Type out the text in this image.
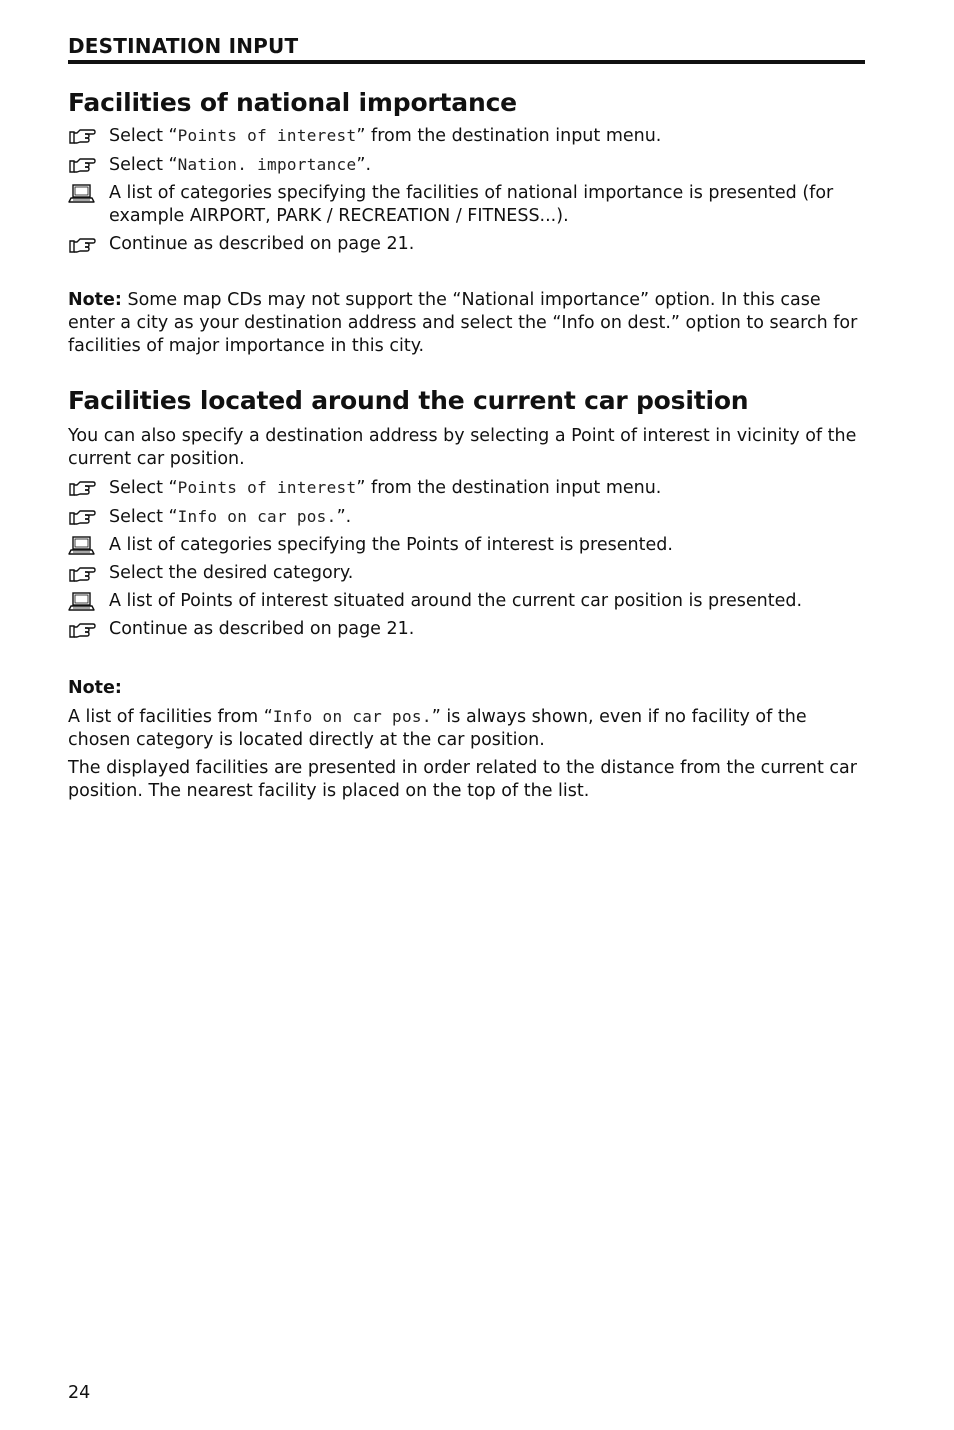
DESTINATION INPUT
Facilities of national importance
Select “Points of interest” from the destination input menu.
Select “Nation. importance”.
A list of categories specifying the facilities of national importance is presented (for example AIRPORT, PARK / RECREATION / FITNESS...).
Continue as described on page 21.

Note: Some map CDs may not support the “National importance” option. In this case enter a city as your destination address and select the “Info on dest.” option to search for facilities of major importance in this city.

Facilities located around the current car position

You can also specify a destination address by selecting a Point of interest in vicinity of the current car position.

Select “Points of interest” from the destination input menu.
Select “Info on car pos.”.
A list of categories specifying the Points of interest is presented.
Select the desired category.
A list of Points of interest situated around the current car position is presented.
Continue as described on page 21.
Note:

A list of facilities from “Info on car pos.” is always shown, even if no facility of the chosen category is located directly at the car position.

The displayed facilities are presented in order related to the distance from the current car position. The nearest facility is placed on the top of the list.

24
